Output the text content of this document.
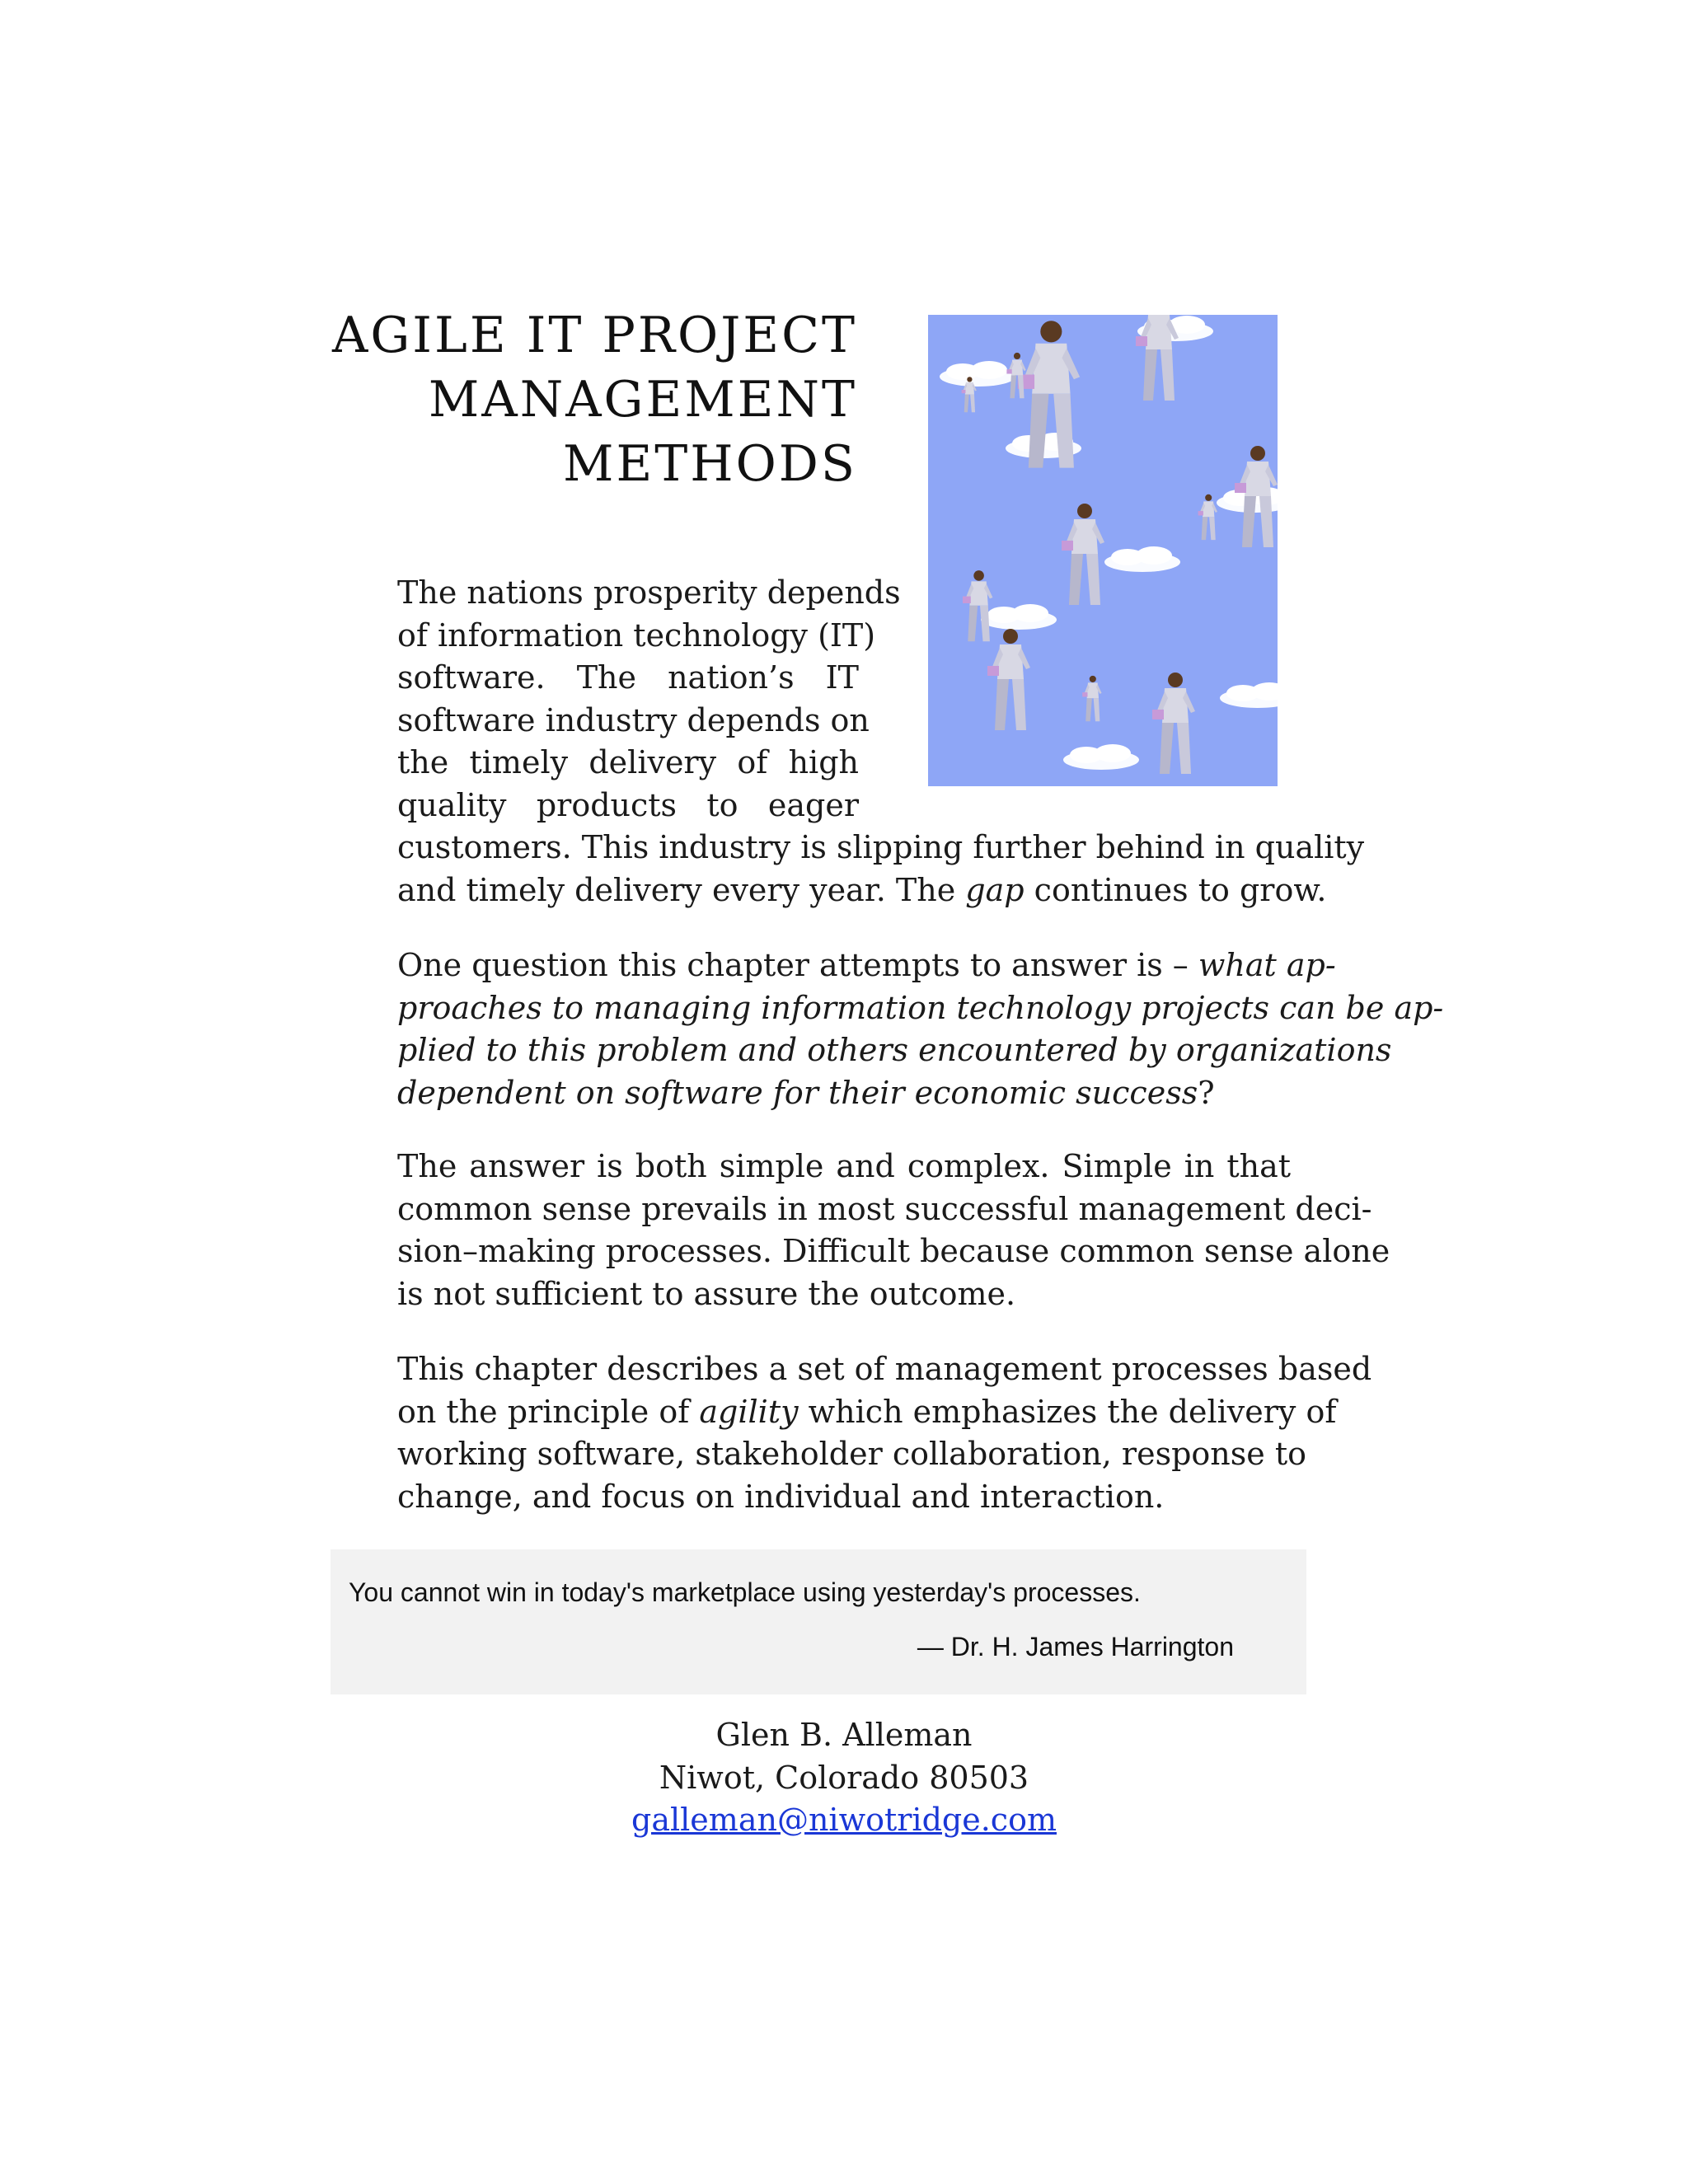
AGILE IT PROJECT
MANAGEMENT
METHODS
The nations prosperity depends
of information technology (IT)
software. The nation’s IT
software industry depends on
the timely delivery of high
quality products to eager
customers. This industry is slipping further behind in quality
and timely delivery every year. The gap continues to grow.
One question this chapter attempts to answer is – what ap-
proaches to managing information technology projects can be ap-
plied to this problem and others encountered by organizations
dependent on software for their economic success?
The answer is both simple and complex. Simple in that
common sense prevails in most successful management deci-
sion–making processes. Difficult because common sense alone
is not sufficient to assure the outcome.
This chapter describes a set of management processes based
on the principle of agility which emphasizes the delivery of
working software, stakeholder collaboration, response to
change, and focus on individual and interaction.
You cannot win in today's marketplace using yesterday's processes.
— Dr. H. James Harrington
Glen B. Alleman
Niwot, Colorado 80503
galleman@niwotridge.com
